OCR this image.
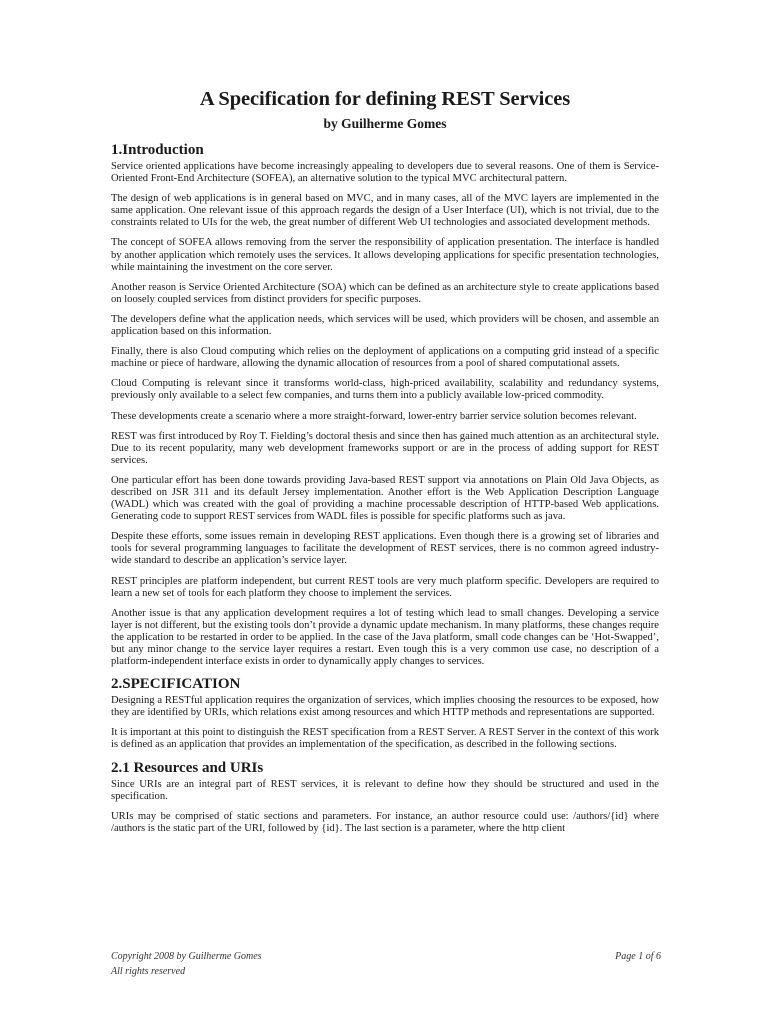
A Specification for defining REST Services
by Guilherme Gomes
1.Introduction

Service oriented applications have become increasingly appealing to developers due to several reasons. One of them is Service-Oriented Front-End Architecture (SOFEA), an alternative solution to the typical MVC architectural pattern.

The design of web applications is in general based on MVC, and in many cases, all of the MVC layers are implemented in the same application. One relevant issue of this approach regards the design of a User Interface (UI), which is not trivial, due to the constraints related to UIs for the web, the great number of different Web UI technologies and associated development methods.

The concept of SOFEA allows removing from the server the responsibility of application presentation. The interface is handled by another application which remotely uses the services. It allows developing applications for specific presentation technologies, while maintaining the investment on the core server.

Another reason is Service Oriented Architecture (SOA) which can be defined as an architecture style to create applications based on loosely coupled services from distinct providers for specific purposes.

The developers define what the application needs, which services will be used, which providers will be chosen, and assemble an application based on this information.

Finally, there is also Cloud computing which relies on the deployment of applications on a computing grid instead of a specific machine or piece of hardware, allowing the dynamic allocation of resources from a pool of shared computational assets.

Cloud Computing is relevant since it transforms world-class, high-priced availability, scalability and redundancy systems, previously only available to a select few companies, and turns them into a publicly available low-priced commodity.

These developments create a scenario where a more straight-forward, lower-entry barrier service solution becomes relevant.

REST was first introduced by Roy T. Fielding’s doctoral thesis and since then has gained much attention as an architectural style. Due to its recent popularity, many web development frameworks support or are in the process of adding support for REST services.

One particular effort has been done towards providing Java-based REST support via annotations on Plain Old Java Objects, as described on JSR 311 and its default Jersey implementation. Another effort is the Web Application Description Language (WADL) which was created with the goal of providing a machine processable description of HTTP-based Web applications. Generating code to support REST services from WADL files is possible for specific platforms such as java.

Despite these efforts, some issues remain in developing REST applications. Even though there is a growing set of libraries and tools for several programming languages to facilitate the development of REST services, there is no common agreed industry-wide standard to describe an application’s service layer.

REST principles are platform independent, but current REST tools are very much platform specific. Developers are required to learn a new set of tools for each platform they choose to implement the services.

Another issue is that any application development requires a lot of testing which lead to small changes. Developing a service layer is not different, but the existing tools don’t provide a dynamic update mechanism. In many platforms, these changes require the application to be restarted in order to be applied. In the case of the Java platform, small code changes can be ‘Hot-Swapped’, but any minor change to the service layer requires a restart. Even tough this is a very common use case, no description of a platform-independent interface exists in order to dynamically apply changes to services.

2.SPECIFICATION

Designing a RESTful application requires the organization of services, which implies choosing the resources to be exposed, how they are identified by URIs, which relations exist among resources and which HTTP methods and representations are supported.

It is important at this point to distinguish the REST specification from a REST Server. A REST Server in the context of this work is defined as an application that provides an implementation of the specification, as described in the following sections.

2.1 Resources and URIs

Since URIs are an integral part of REST services, it is relevant to define how they should be structured and used in the specification.

URIs may be comprised of static sections and parameters. For instance, an author resource could use: /authors/{id} where /authors is the static part of the URI, followed by {id}. The last section is a parameter, where the http client

Copyright 2008 by Guilherme Gomes	Page 1 of 6
All rights reserved
